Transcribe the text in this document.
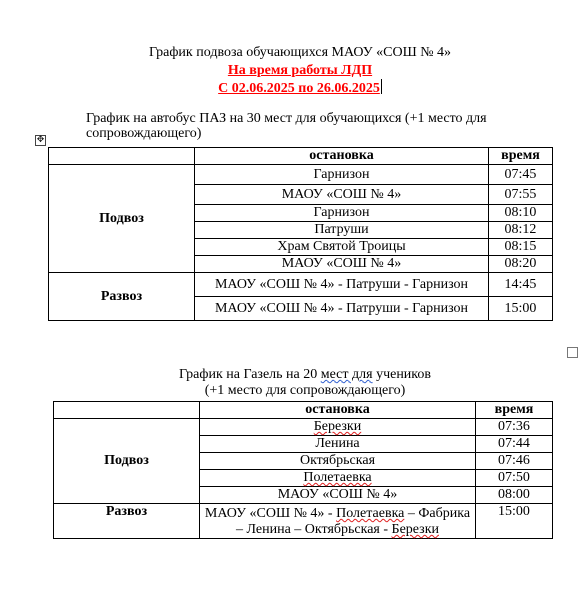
График подвоза обучающихся МАОУ «СОШ № 4»
На время работы ЛДП
С 02.06.2025 по 26.06.2025
График на автобус ПАЗ на 30 мест для обучающихся (+1 место для сопровождающего)
✥
	остановка	время
Подвоз	Гарнизон	07:45
	МАОУ «СОШ № 4»	07:55
	Гарнизон	08:10
	Патруши	08:12
	Храм Святой Троицы	08:15
	МАОУ «СОШ № 4»	08:20
Развоз	МАОУ «СОШ № 4» - Патруши - Гарнизон	14:45
	МАОУ «СОШ № 4» - Патруши - Гарнизон	15:00
График на Газель на 20 мест для учеников
(+1 место для сопровождающего)
	остановка	время
Подвоз	Березки	07:36
	Ленина	07:44
	Октябрьская	07:46
	Полетаевка	07:50
	МАОУ «СОШ № 4»	08:00
Развоз	МАОУ «СОШ № 4» - Полетаевка – Фабрика – Ленина – Октябрьская - Березки	15:00
